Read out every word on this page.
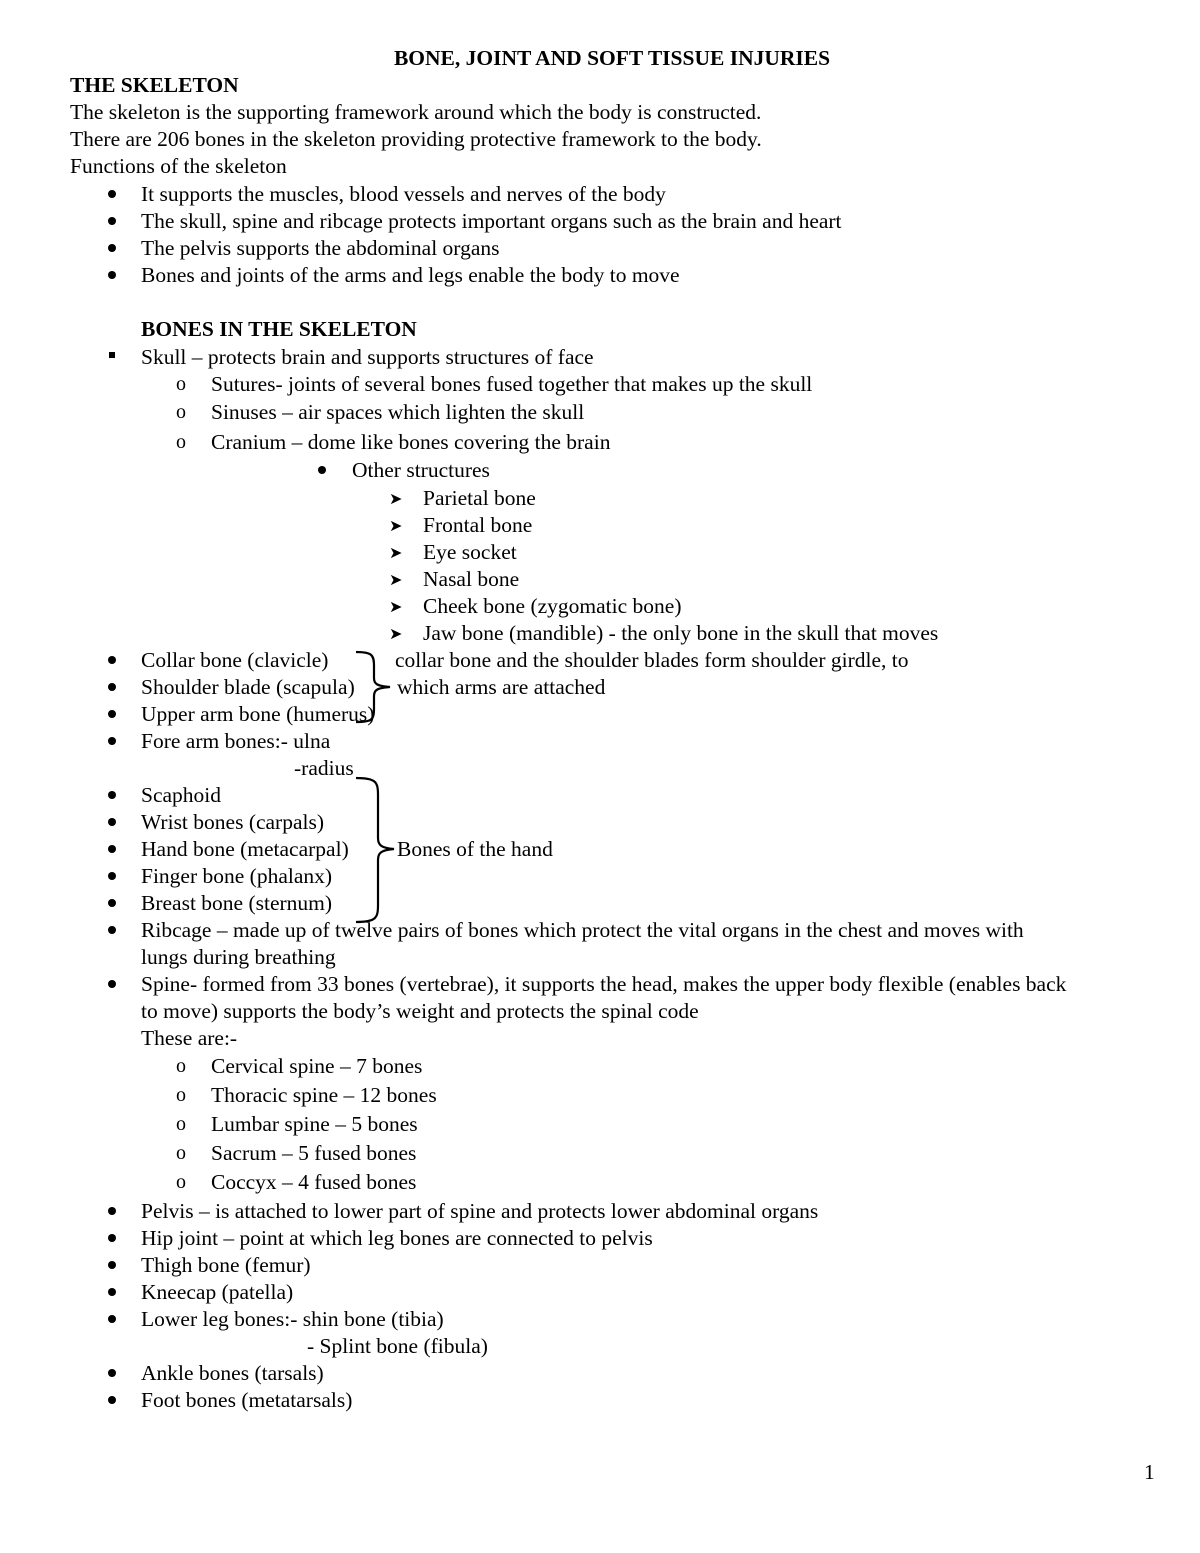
BONE, JOINT AND SOFT TISSUE INJURIES
THE SKELETON
The skeleton is the supporting framework around which the body is constructed.
There are 206 bones in the skeleton providing protective framework to the body.
Functions of the skeleton
It supports the muscles, blood vessels and nerves of the body
The skull, spine and ribcage protects important organs such as the brain and heart
The pelvis supports the abdominal organs
Bones and joints of the arms and legs enable the body to move
BONES IN THE SKELETON
Skull – protects brain and supports structures of face
o Sutures- joints of several bones fused together that makes up the skull
o Sinuses – air spaces which lighten the skull
o Cranium – dome like bones covering the brain
Other structures
➤ Parietal bone
➤ Frontal bone
➤ Eye socket
➤ Nasal bone
➤ Cheek bone (zygomatic bone)
➤ Jaw bone (mandible) - the only bone in the skull that moves
Collar bone (clavicle)
Shoulder blade (scapula)
Upper arm bone (humerus)
Fore arm bones:- ulna
-radius
collar bone and the shoulder blades form shoulder girdle, to
which arms are attached
Scaphoid
Wrist bones (carpals)
Hand bone (metacarpal)
Finger bone (phalanx)
Breast bone (sternum)
Bones of the hand
Ribcage – made up of twelve pairs of bones which protect the vital organs in the chest and moves with
lungs during breathing
Spine- formed from 33 bones (vertebrae), it supports the head, makes the upper body flexible (enables back
to move) supports the body’s weight and protects the spinal code
These are:-
o Cervical spine – 7 bones
o Thoracic spine – 12 bones
o Lumbar spine – 5 bones
o Sacrum – 5 fused bones
o Coccyx – 4 fused bones
Pelvis – is attached to lower part of spine and protects lower abdominal organs
Hip joint – point at which leg bones are connected to pelvis
Thigh bone (femur)
Kneecap (patella)
Lower leg bones:- shin bone (tibia)
- Splint bone (fibula)
Ankle bones (tarsals)
Foot bones (metatarsals)
1
